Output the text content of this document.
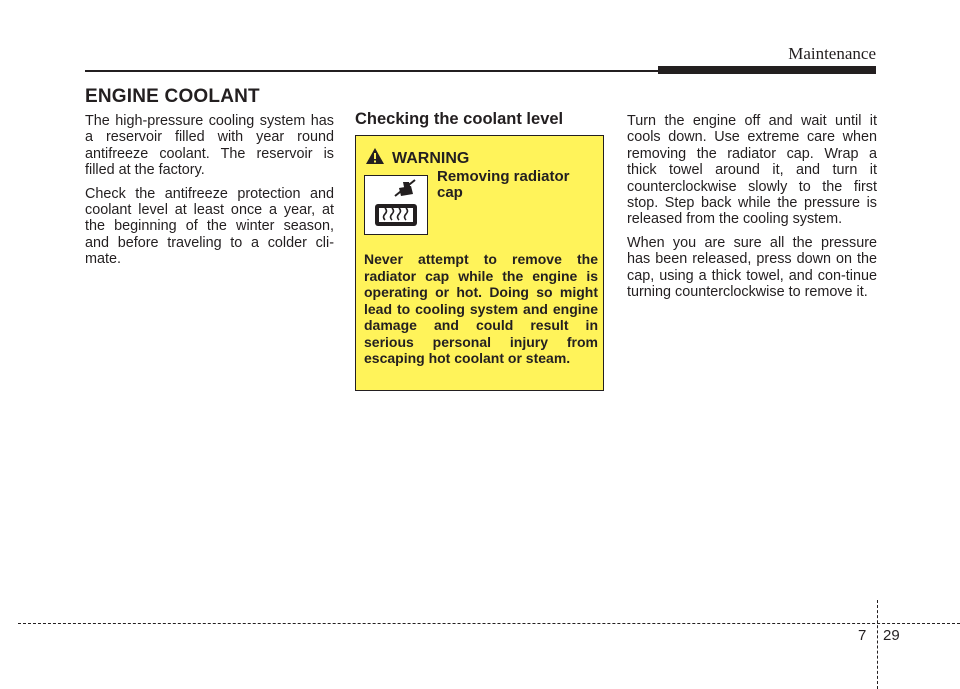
Maintenance
ENGINE COOLANT

The high-pressure cooling system has a reservoir filled with year round antifreeze coolant. The reservoir is filled at the factory.

Check the antifreeze protection and coolant level at least once a year, at the beginning of the winter season, and before traveling to a colder cli-mate.

Checking the coolant level
WARNING
Removing radiator cap
Never attempt to remove the radiator cap while the engine is operating or hot. Doing so might lead to cooling system and engine damage and could result in serious personal injury from escaping hot coolant or steam.

Turn the engine off and wait until it cools down. Use extreme care when removing the radiator cap. Wrap a thick towel around it, and turn it counterclockwise slowly to the first stop. Step back while the pressure is released from the cooling system.

When you are sure all the pressure has been released, press down on the cap, using a thick towel, and con-tinue turning counterclockwise to remove it.

7 29
